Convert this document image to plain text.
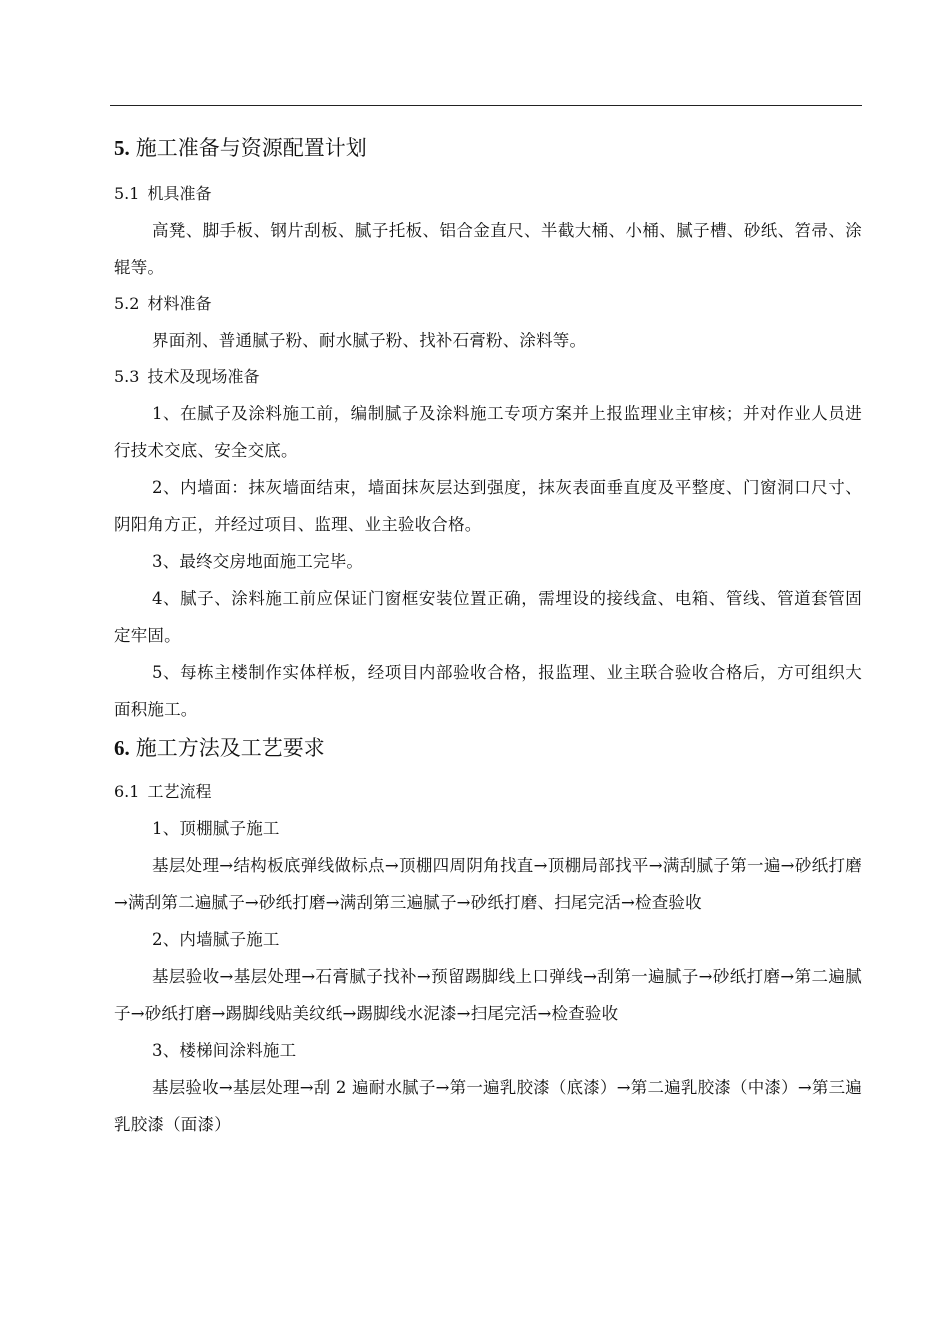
5. 施工准备与资源配置计划
5.1 机具准备

高凳、脚手板、钢片刮板、腻子托板、铝合金直尺、半截大桶、小桶、腻子槽、砂纸、笤帚、涂辊等。

5.2 材料准备

界面剂、普通腻子粉、耐水腻子粉、找补石膏粉、涂料等。

5.3 技术及现场准备

1、在腻子及涂料施工前，编制腻子及涂料施工专项方案并上报监理业主审核；并对作业人员进行技术交底、安全交底。

2、内墙面：抹灰墙面结束，墙面抹灰层达到强度，抹灰表面垂直度及平整度、门窗洞口尺寸、阴阳角方正，并经过项目、监理、业主验收合格。

3、最终交房地面施工完毕。

4、腻子、涂料施工前应保证门窗框安装位置正确，需埋设的接线盒、电箱、管线、管道套管固定牢固。

5、每栋主楼制作实体样板，经项目内部验收合格，报监理、业主联合验收合格后，方可组织大面积施工。

6. 施工方法及工艺要求
6.1 工艺流程

1、顶棚腻子施工

基层处理→结构板底弹线做标点→顶棚四周阴角找直→顶棚局部找平→满刮腻子第一遍→砂纸打磨→满刮第二遍腻子→砂纸打磨→满刮第三遍腻子→砂纸打磨、扫尾完活→检查验收

2、内墙腻子施工

基层验收→基层处理→石膏腻子找补→预留踢脚线上口弹线→刮第一遍腻子→砂纸打磨→第二遍腻子→砂纸打磨→踢脚线贴美纹纸→踢脚线水泥漆→扫尾完活→检查验收

3、楼梯间涂料施工

基层验收→基层处理→刮 2 遍耐水腻子→第一遍乳胶漆（底漆）→第二遍乳胶漆（中漆）→第三遍乳胶漆（面漆）
